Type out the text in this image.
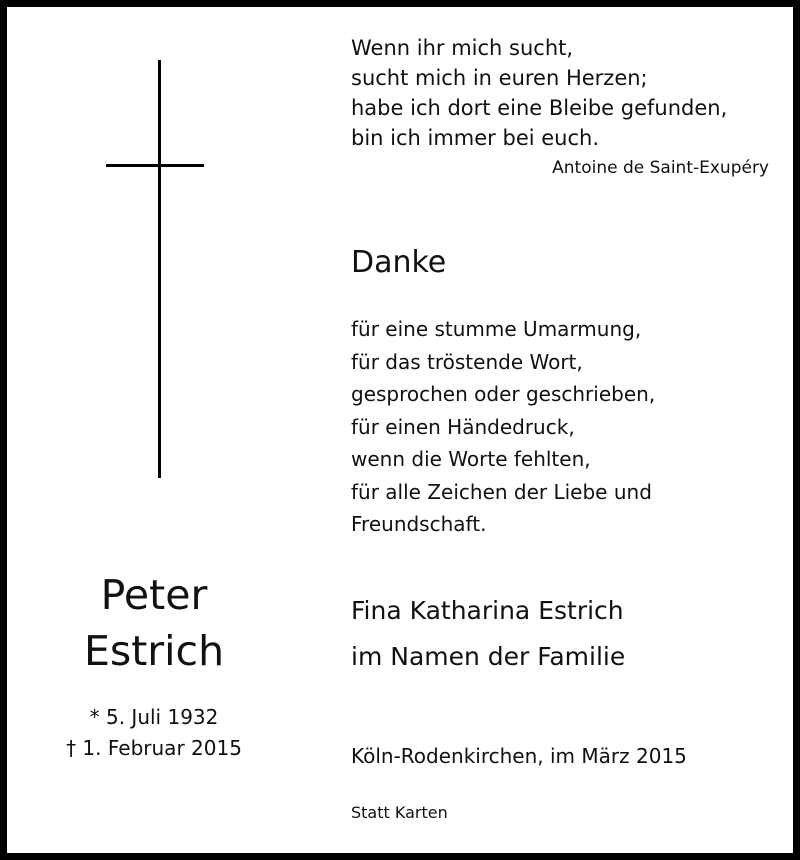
Wenn ihr mich sucht,
sucht mich in euren Herzen;
habe ich dort eine Bleibe gefunden,
bin ich immer bei euch.

Antoine de Saint-Exupéry

Danke

für eine stumme Umarmung,
für das tröstende Wort,
gesprochen oder geschrieben,
für einen Händedruck,
wenn die Worte fehlten,
für alle Zeichen der Liebe und
Freundschaft.

Peter
Estrich
* 5. Juli 1932
† 1. Februar 2015
Fina Katharina Estrich
im Namen der Familie
Köln-Rodenkirchen, im März 2015
Statt Karten
